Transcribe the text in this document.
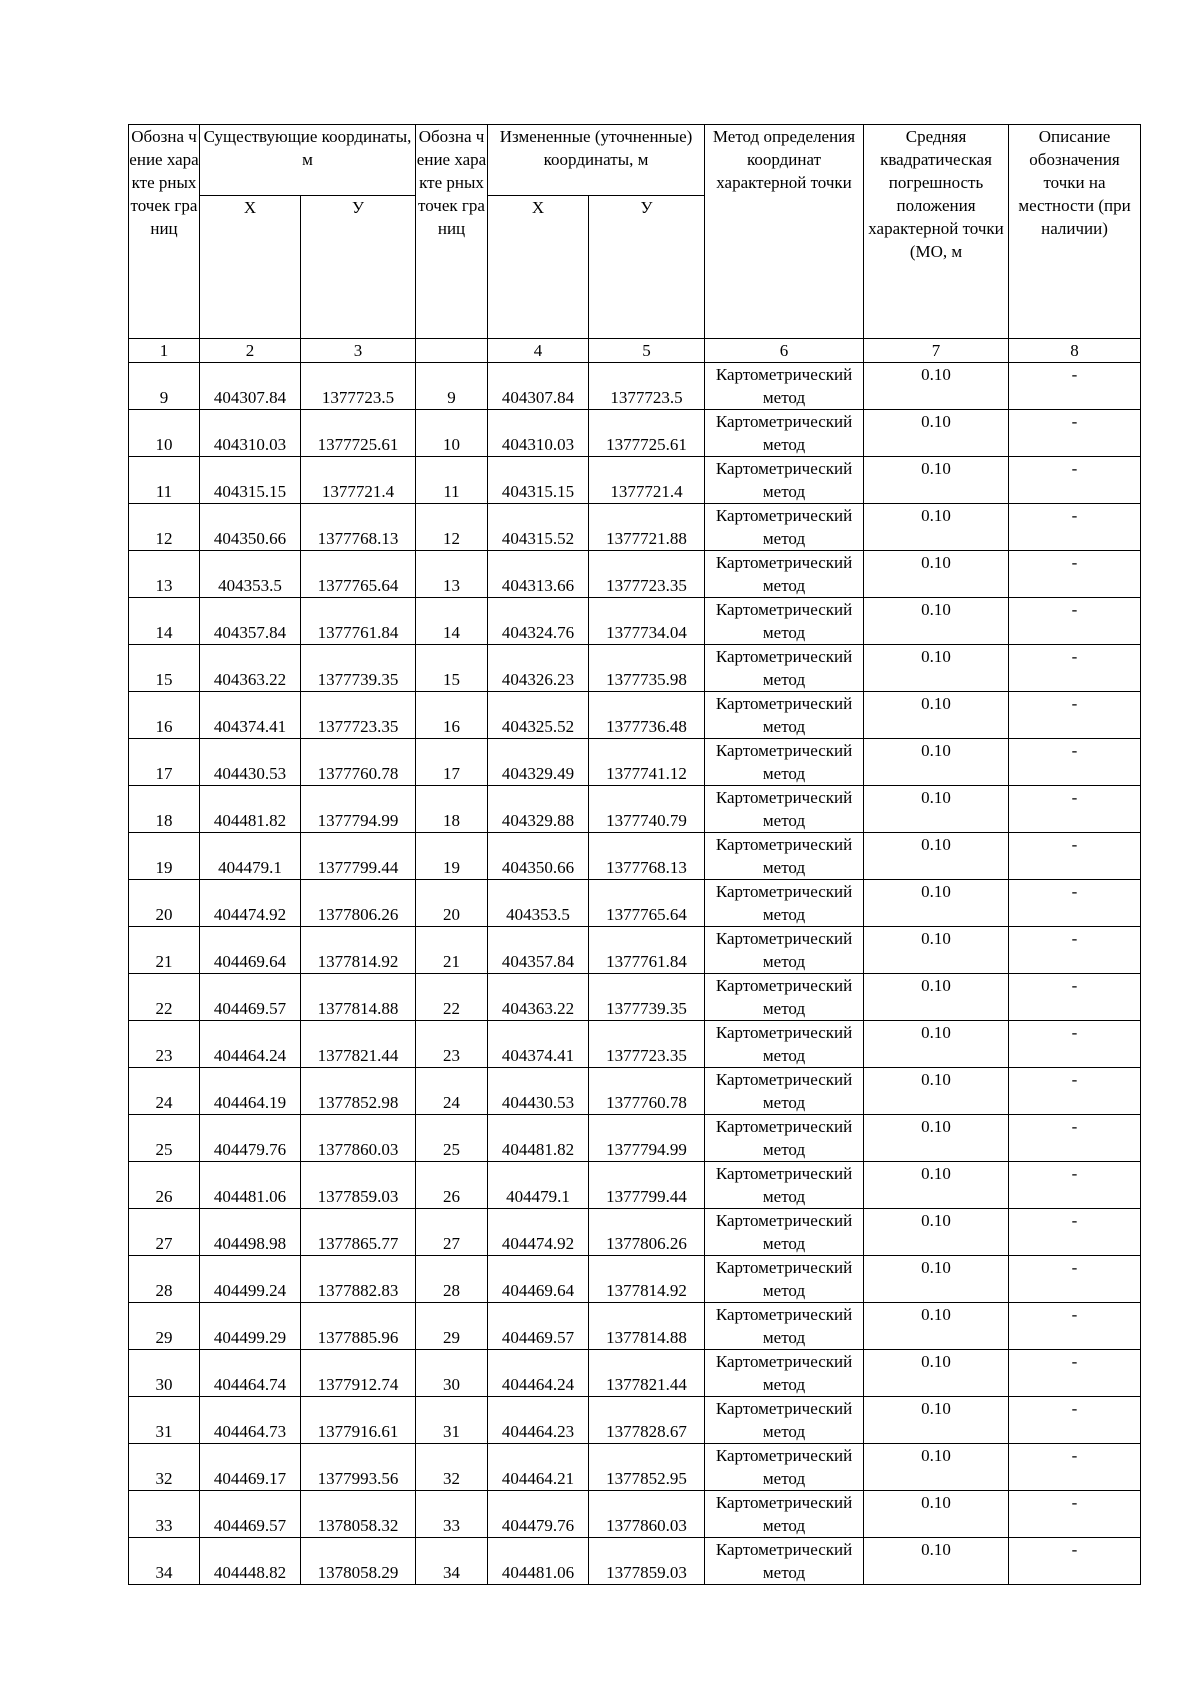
Обозна чение характе рных точек границ	Существующие координаты, м		Обозна чение характе рных точек границ	Измененные (уточненные) координаты, м		Метод определения координат характерной точки	Средняя квадратическая погрешность положения характерной точки (МО, м	Описание обозначения точки на местности (при наличии)
	Х	У		Х	У			
1	2	3		4	5	6	7	8
9	404307.84	1377723.5	9	404307.84	1377723.5	Картометрический
метод	0.10	-
10	404310.03	1377725.61	10	404310.03	1377725.61	Картометрический
метод	0.10	-
11	404315.15	1377721.4	11	404315.15	1377721.4	Картометрический
метод	0.10	-
12	404350.66	1377768.13	12	404315.52	1377721.88	Картометрический
метод	0.10	-
13	404353.5	1377765.64	13	404313.66	1377723.35	Картометрический
метод	0.10	-
14	404357.84	1377761.84	14	404324.76	1377734.04	Картометрический
метод	0.10	-
15	404363.22	1377739.35	15	404326.23	1377735.98	Картометрический
метод	0.10	-
16	404374.41	1377723.35	16	404325.52	1377736.48	Картометрический
метод	0.10	-
17	404430.53	1377760.78	17	404329.49	1377741.12	Картометрический
метод	0.10	-
18	404481.82	1377794.99	18	404329.88	1377740.79	Картометрический
метод	0.10	-
19	404479.1	1377799.44	19	404350.66	1377768.13	Картометрический
метод	0.10	-
20	404474.92	1377806.26	20	404353.5	1377765.64	Картометрический
метод	0.10	-
21	404469.64	1377814.92	21	404357.84	1377761.84	Картометрический
метод	0.10	-
22	404469.57	1377814.88	22	404363.22	1377739.35	Картометрический
метод	0.10	-
23	404464.24	1377821.44	23	404374.41	1377723.35	Картометрический
метод	0.10	-
24	404464.19	1377852.98	24	404430.53	1377760.78	Картометрический
метод	0.10	-
25	404479.76	1377860.03	25	404481.82	1377794.99	Картометрический
метод	0.10	-
26	404481.06	1377859.03	26	404479.1	1377799.44	Картометрический
метод	0.10	-
27	404498.98	1377865.77	27	404474.92	1377806.26	Картометрический
метод	0.10	-
28	404499.24	1377882.83	28	404469.64	1377814.92	Картометрический
метод	0.10	-
29	404499.29	1377885.96	29	404469.57	1377814.88	Картометрический
метод	0.10	-
30	404464.74	1377912.74	30	404464.24	1377821.44	Картометрический
метод	0.10	-
31	404464.73	1377916.61	31	404464.23	1377828.67	Картометрический
метод	0.10	-
32	404469.17	1377993.56	32	404464.21	1377852.95	Картометрический
метод	0.10	-
33	404469.57	1378058.32	33	404479.76	1377860.03	Картометрический
метод	0.10	-
34	404448.82	1378058.29	34	404481.06	1377859.03	Картометрический
метод	0.10	-
